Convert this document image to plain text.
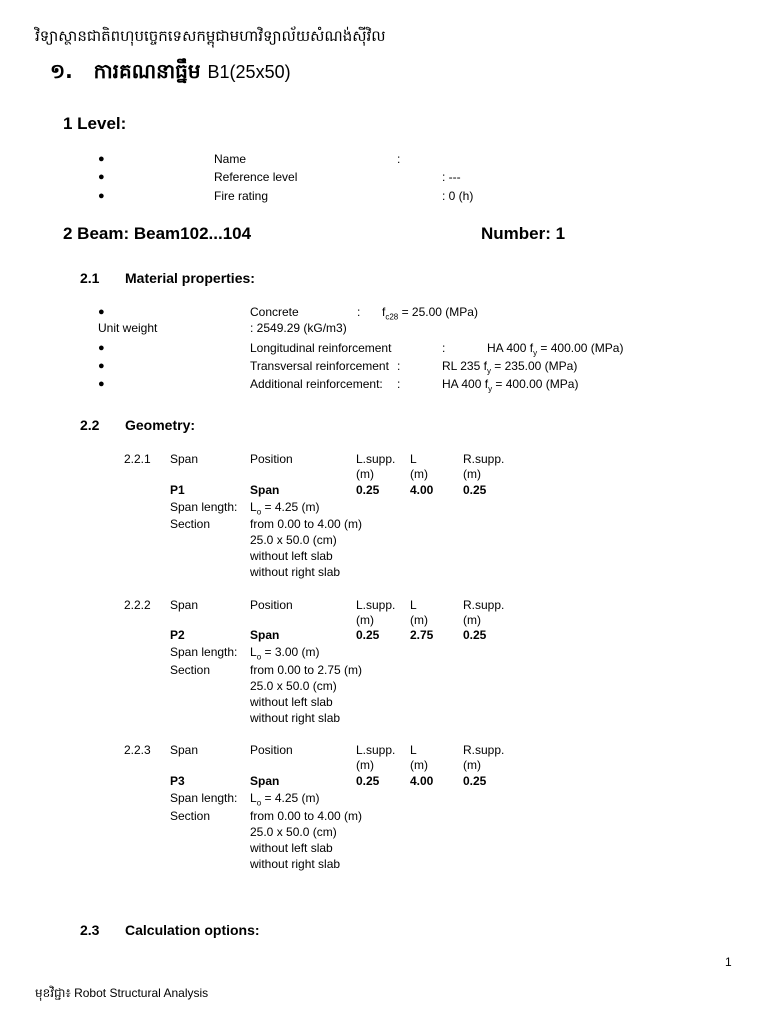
វិទ្យាស្ថានជាតិពហុបច្ចេកទេសកម្ពុជាមហាវិទ្យាល័យសំណង់ស៊ីវិល
១. ការគណនាធ្នឹម B1(25x50)
1 Level:
●	Name	:
●	Reference level	: ---
●	Fire rating	: 0 (h)
2 Beam: Beam102...104	Number: 1
2.1 Material properties:
●	Concrete	: $f_{c28} = 25.00$ (MPa)
Unit weight	: 2549.29 (kG/m3)
●	Longitudinal reinforcement	:	HA 400 $f_y = 400.00$ (MPa)
●	Transversal reinforcement :	RL 235 $f_y = 235.00$ (MPa)
●	Additional reinforcement: :	HA 400 $f_y = 400.00$ (MPa)
2.2 Geometry:
2.2.1 Span	Position	L.supp. L	R.supp.
(m)	(m)	(m)
P1	Span	0.25	4.00 0.25
Span length: $L_o = 4.25$ (m)
Section	from 0.00 to 4.00 (m)
25.0 x 50.0 (cm)
without left slab
without right slab
2.2.2 Span	Position	L.supp. L	R.supp.
(m)	(m)	(m)
P2	Span	0.25	2.75 0.25
Span length: $L_o = 3.00$ (m)
Section	from 0.00 to 2.75 (m)
25.0 x 50.0 (cm)
without left slab
without right slab
2.2.3 Span	Position	L.supp. L	R.supp.
(m)	(m)	(m)
P3	Span	0.25	4.00 0.25
Span length: $L_o = 4.25$ (m)
Section	from 0.00 to 4.00 (m)
25.0 x 50.0 (cm)
without left slab
without right slab
2.3 Calculation options:
1
មុខវិជ្ជា៖ Robot Structural Analysis
